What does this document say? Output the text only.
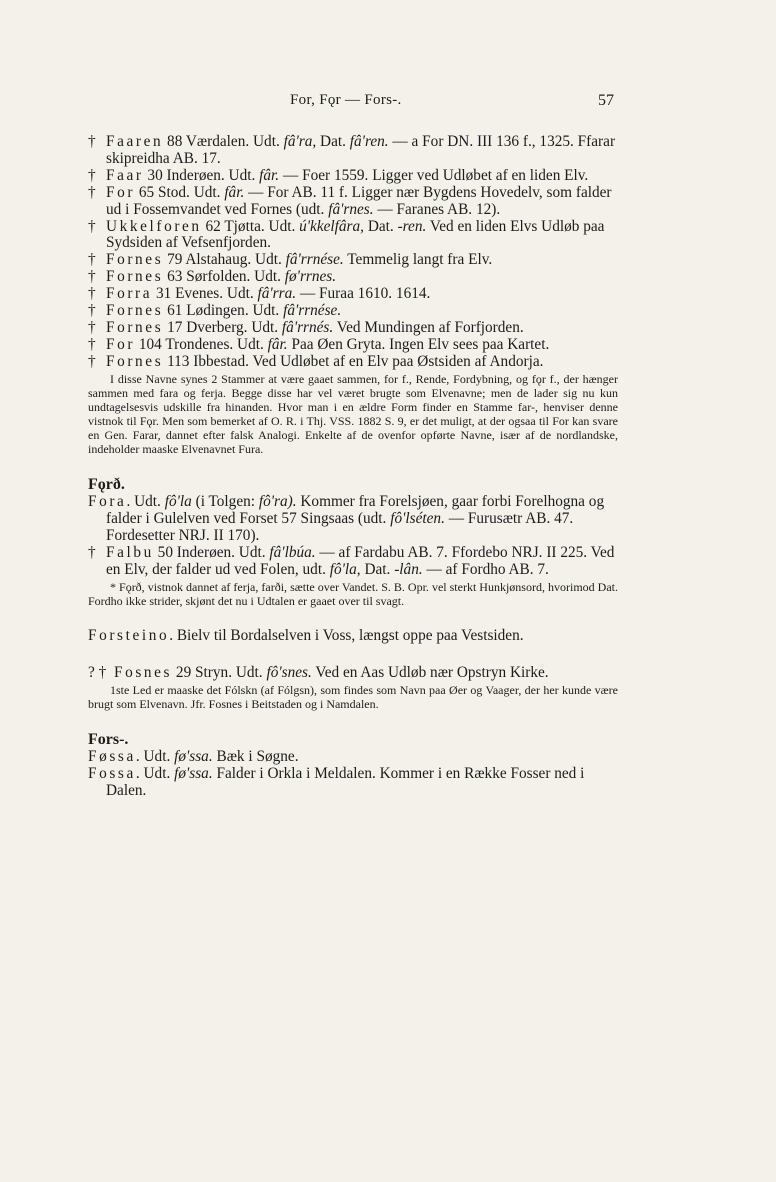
For, Fǫr — Fors-.	57

† Faaren 88 Værdalen. Udt. fâ'ra, Dat. fâ'ren. — a For DN. III 136 f., 1325. Ffarar skipreidha AB. 17.

† Faar 30 Inderøen. Udt. fâr. — Foer 1559. Ligger ved Udløbet af en liden Elv.

† For 65 Stod. Udt. fâr. — For AB. 11 f. Ligger nær Bygdens Hovedelv, som falder ud i Fossemvandet ved Fornes (udt. fâ'rnes. — Faranes AB. 12).

† Ukkelforen 62 Tjøtta. Udt. ú'kkelfâra, Dat. -ren. Ved en liden Elvs Udløb paa Sydsiden af Vefsenfjorden.

† Fornes 79 Alstahaug. Udt. fâ'rrnése. Temmelig langt fra Elv.

† Fornes 63 Sørfolden. Udt. fø'rrnes.

† Forra 31 Evenes. Udt. fâ'rra. — Furaa 1610. 1614.

† Fornes 61 Lødingen. Udt. fâ'rrnése.

† Fornes 17 Dverberg. Udt. fâ'rrnés. Ved Mundingen af Forfjorden.

† For 104 Trondenes. Udt. fâr. Paa Øen Gryta. Ingen Elv sees paa Kartet.

† Fornes 113 Ibbestad. Ved Udløbet af en Elv paa Østsiden af Andorja.

I disse Navne synes 2 Stammer at være gaaet sammen, for f., Rende, Fordybning, og fǫr f., der hænger sammen med fara og ferja. Begge disse har vel været brugte som Elvenavne; men de lader sig nu kun undtagelsesvis udskille fra hinanden. Hvor man i en ældre Form finder en Stamme far-, henviser denne vistnok til Fǫr. Men som bemerket af O. R. i Thj. VSS. 1882 S. 9, er det muligt, at der ogsaa til For kan svare en Gen. Farar, dannet efter falsk Analogi. Enkelte af de ovenfor opførte Navne, især af de nordlandske, indeholder maaske Elvenavnet Fura.

Fǫrð.

Fora. Udt. fô'la (i Tolgen: fô'ra). Kommer fra Forelsjøen, gaar forbi Forelhogna og falder i Gulelven ved Forset 57 Singsaas (udt. fô'lséten. — Furusætr AB. 47. Fordesetter NRJ. II 170).

† Falbu 50 Inderøen. Udt. fâ'lbúa. — af Fardabu AB. 7. Ffordebo NRJ. II 225. Ved en Elv, der falder ud ved Folen, udt. fô'la, Dat. -lân. — af Fordho AB. 7.

* Fǫrð, vistnok dannet af ferja, farði, sætte over Vandet. S. B. Opr. vel sterkt Hunkjønsord, hvorimod Dat. Fordho ikke strider, skjønt det nu i Udtalen er gaaet over til svagt.

Forsteino. Bielv til Bordalselven i Voss, længst oppe paa Vestsiden.

? † Fosnes 29 Stryn. Udt. fô'snes. Ved en Aas Udløb nær Opstryn Kirke.

1ste Led er maaske det Fólskn (af Fólgsn), som findes som Navn paa Øer og Vaager, der her kunde være brugt som Elvenavn. Jfr. Fosnes i Beitstaden og i Namdalen.

Fors-.

Føssa. Udt. fø'ssa. Bæk i Søgne.

Fossa. Udt. fø'ssa. Falder i Orkla i Meldalen. Kommer i en Række Fosser ned i Dalen.
